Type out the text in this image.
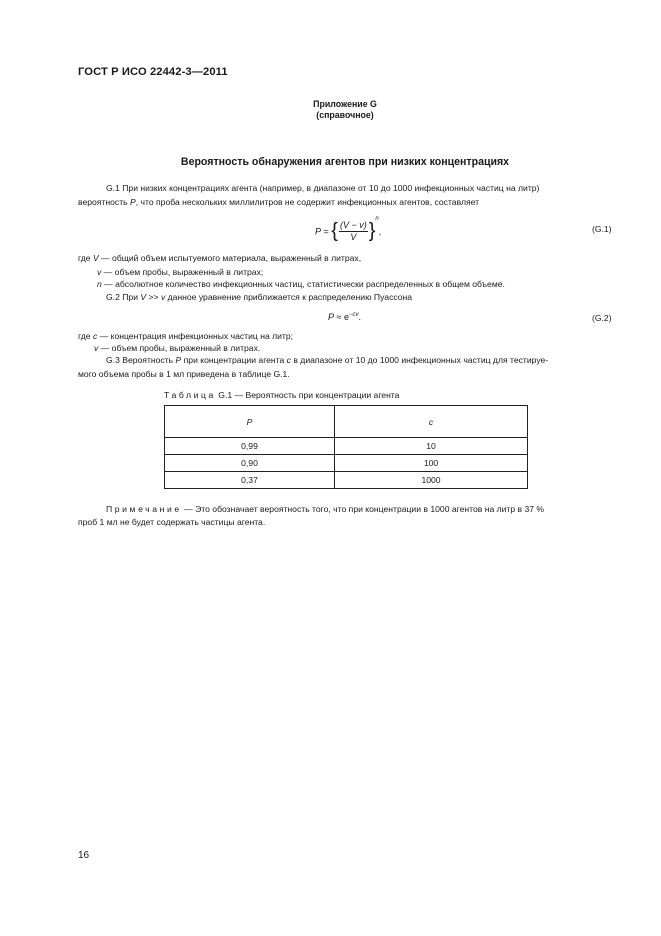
ГОСТ Р ИСО 22442-3—2011
Приложение G
(справочное)
Вероятность обнаружения агентов при низких концентрациях
G.1 При низких концентрациях агента (например, в диапазоне от 10 до 1000 инфекционных частиц на литр)
вероятность P, что проба нескольких миллилитров не содержит инфекционных агентов, составляет
P = { $\frac{(V - v)}{V} \}^n$,	(G.1)
где V — общий объем испытуемого материала, выраженный в литрах,
v — объем пробы, выраженный в литрах;
n — абсолютное количество инфекционных частиц, статистически распределенных в общем объеме.
G.2 При V >> v данное уравнение приближается к распределению Пуассона
$P \approx e^{-cv}$.	(G.2)
где c — концентрация инфекционных частиц на литр;
v — объем пробы, выраженный в литрах.
G.3 Вероятность P при концентрации агента c в диапазоне от 10 до 1000 инфекционных частиц для тестируе-
мого объема пробы в 1 мл приведена в таблице G.1.
Таблица G.1 — Вероятность при концентрации агента
P	c
0,99	10
0,90	100
0,37	1000
Примечание — Это обозначает вероятность того, что при концентрации в 1000 агентов на литр в 37 %
проб 1 мл не будет содержать частицы агента.
16
